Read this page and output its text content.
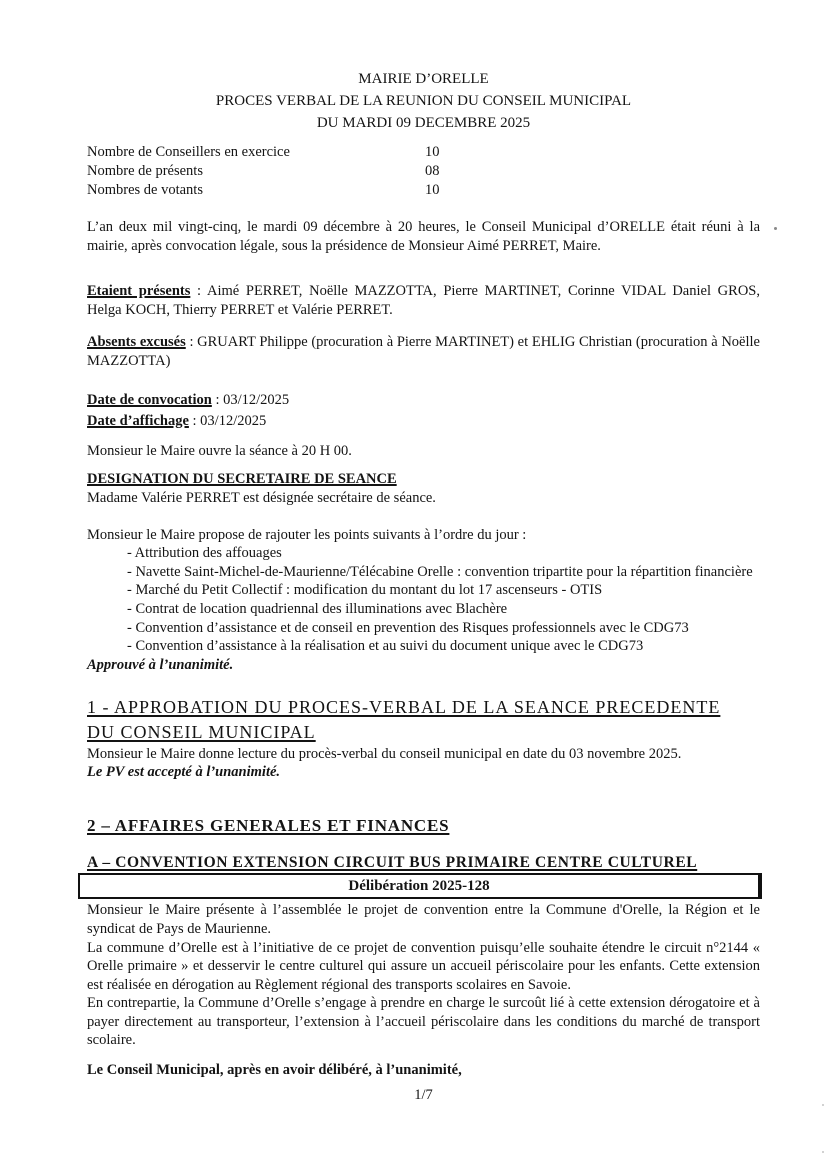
MAIRIE D’ORELLE
PROCES VERBAL DE LA REUNION DU CONSEIL MUNICIPAL
DU MARDI 09 DECEMBRE 2025
Nombre de Conseillers en exercice	10
Nombre de présents	08
Nombres de votants	10

L’an deux mil vingt-cinq, le mardi 09 décembre à 20 heures, le Conseil Municipal d’ORELLE était réuni à la mairie, après convocation légale, sous la présidence de Monsieur Aimé PERRET, Maire.

Etaient présents : Aimé PERRET, Noëlle MAZZOTTA, Pierre MARTINET, Corinne VIDAL Daniel GROS, Helga KOCH, Thierry PERRET et Valérie PERRET.

Absents excusés : GRUART Philippe (procuration à Pierre MARTINET) et EHLIG Christian (procuration à Noëlle MAZZOTTA)

Date de convocation : 03/12/2025
Date d’affichage : 03/12/2025

Monsieur le Maire ouvre la séance à 20 H 00.

DESIGNATION DU SECRETAIRE DE SEANCE

Madame Valérie PERRET est désignée secrétaire de séance.

Monsieur le Maire propose de rajouter les points suivants à l’ordre du jour :

- Attribution des affouages
- Navette Saint-Michel-de-Maurienne/Télécabine Orelle : convention tripartite pour la répartition financière
- Marché du Petit Collectif : modification du montant du lot 17 ascenseurs - OTIS
- Contrat de location quadriennal des illuminations avec Blachère
- Convention d’assistance et de conseil en prevention des Risques professionnels avec le CDG73
- Convention d’assistance à la réalisation et au suivi du document unique avec le CDG73

Approuvé à l’unanimité.

1 - APPROBATION DU PROCES-VERBAL DE LA SEANCE PRECEDENTE
DU CONSEIL MUNICIPAL

Monsieur le Maire donne lecture du procès-verbal du conseil municipal en date du 03 novembre 2025.

Le PV est accepté à l’unanimité.

2 – AFFAIRES GENERALES ET FINANCES
A – CONVENTION EXTENSION CIRCUIT BUS PRIMAIRE CENTRE CULTUREL
Délibération 2025-128

Monsieur le Maire présente à l’assemblée le projet de convention entre la Commune d'Orelle, la Région et le syndicat de Pays de Maurienne.

La commune d’Orelle est à l’initiative de ce projet de convention puisqu’elle souhaite étendre le circuit n°2144 « Orelle primaire » et desservir le centre culturel qui assure un accueil périscolaire pour les enfants. Cette extension est réalisée en dérogation au Règlement régional des transports scolaires en Savoie.

En contrepartie, la Commune d’Orelle s’engage à prendre en charge le surcoût lié à cette extension dérogatoire et à payer directement au transporteur, l’extension à l’accueil périscolaire dans les conditions du marché de transport scolaire.

Le Conseil Municipal, après en avoir délibéré, à l’unanimité,

1/7
